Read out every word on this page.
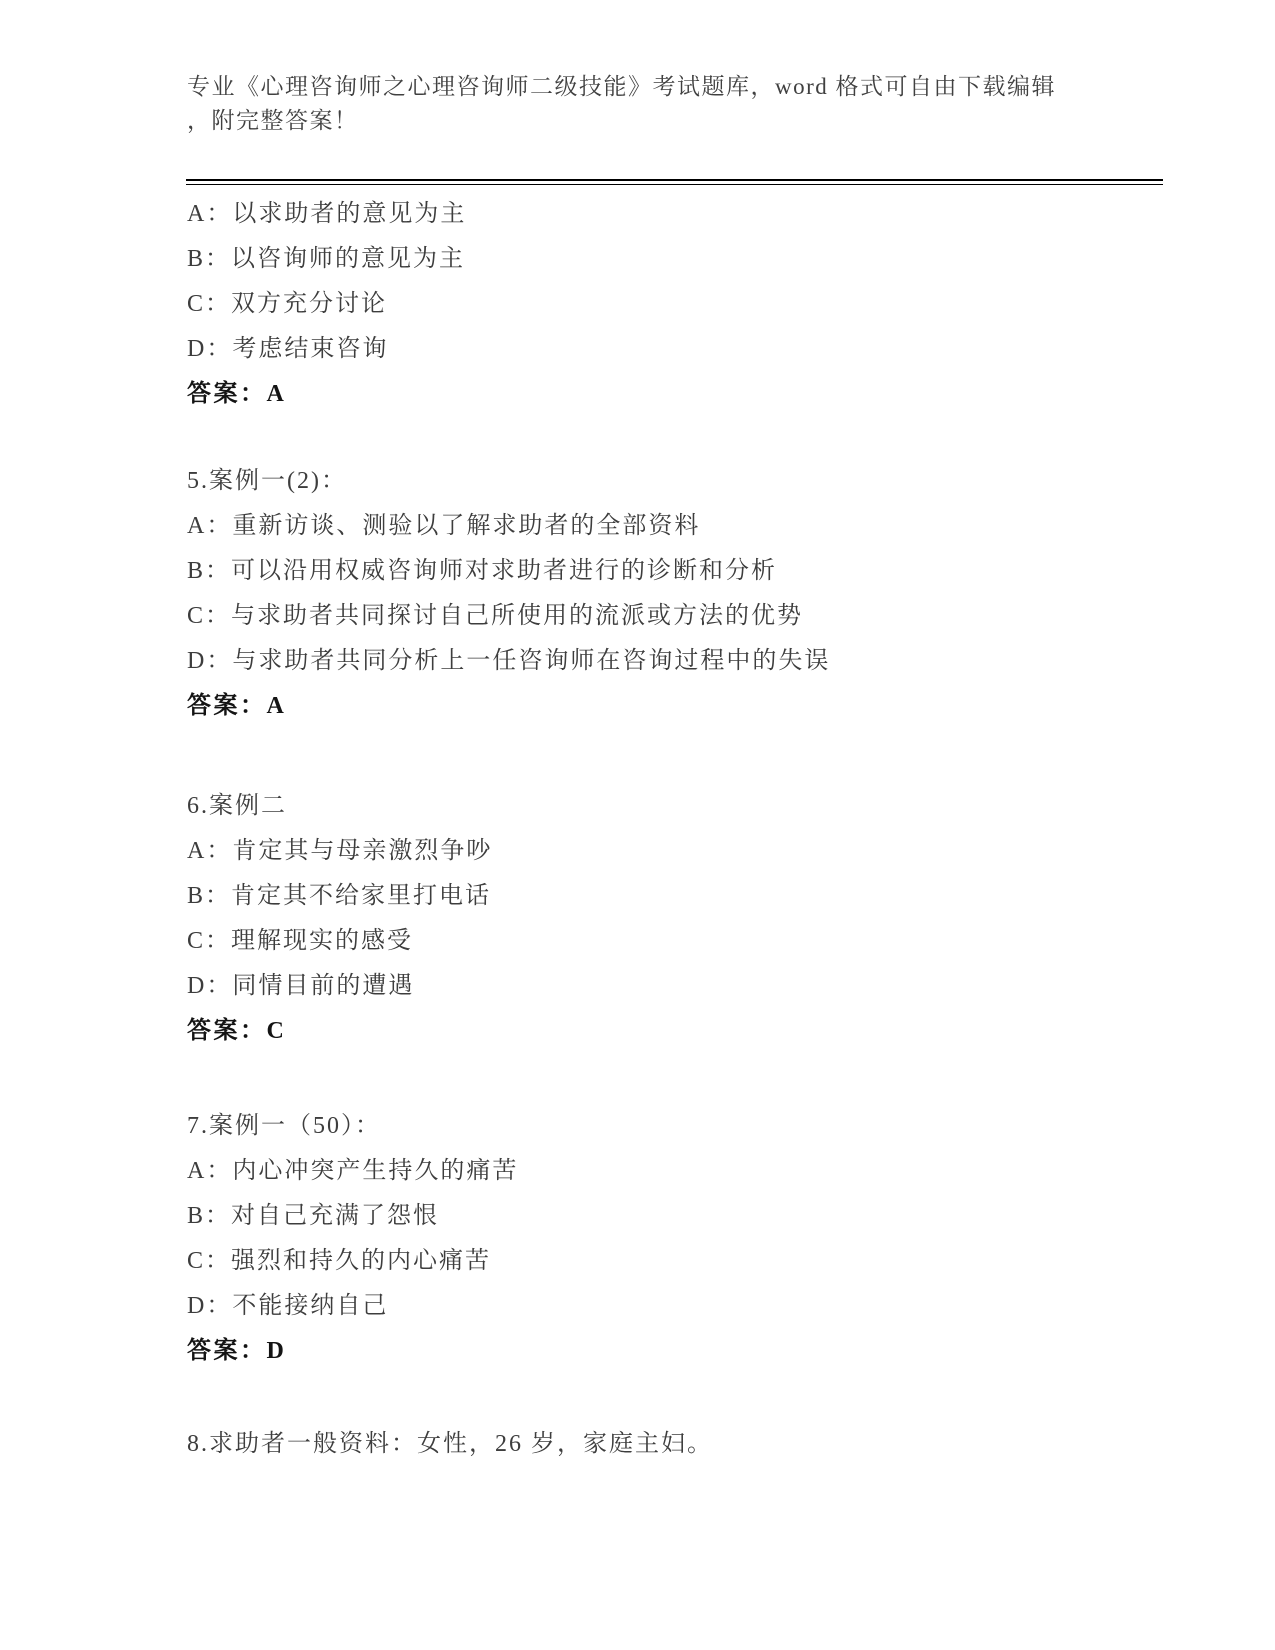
专业《心理咨询师之心理咨询师二级技能》考试题库，word 格式可自由下载编辑

，附完整答案！

A：以求助者的意见为主

B：以咨询师的意见为主

C：双方充分讨论

D：考虑结束咨询

答案：A

5.案例一(2)：

A：重新访谈、测验以了解求助者的全部资料

B：可以沿用权威咨询师对求助者进行的诊断和分析

C：与求助者共同探讨自己所使用的流派或方法的优势

D：与求助者共同分析上一任咨询师在咨询过程中的失误

答案：A

6.案例二

A：肯定其与母亲激烈争吵

B：肯定其不给家里打电话

C：理解现实的感受

D：同情目前的遭遇

答案：C

7.案例一（50）：

A：内心冲突产生持久的痛苦

B：对自己充满了怨恨

C：强烈和持久的内心痛苦

D：不能接纳自己

答案：D

8.求助者一般资料：女性，26 岁，家庭主妇。
